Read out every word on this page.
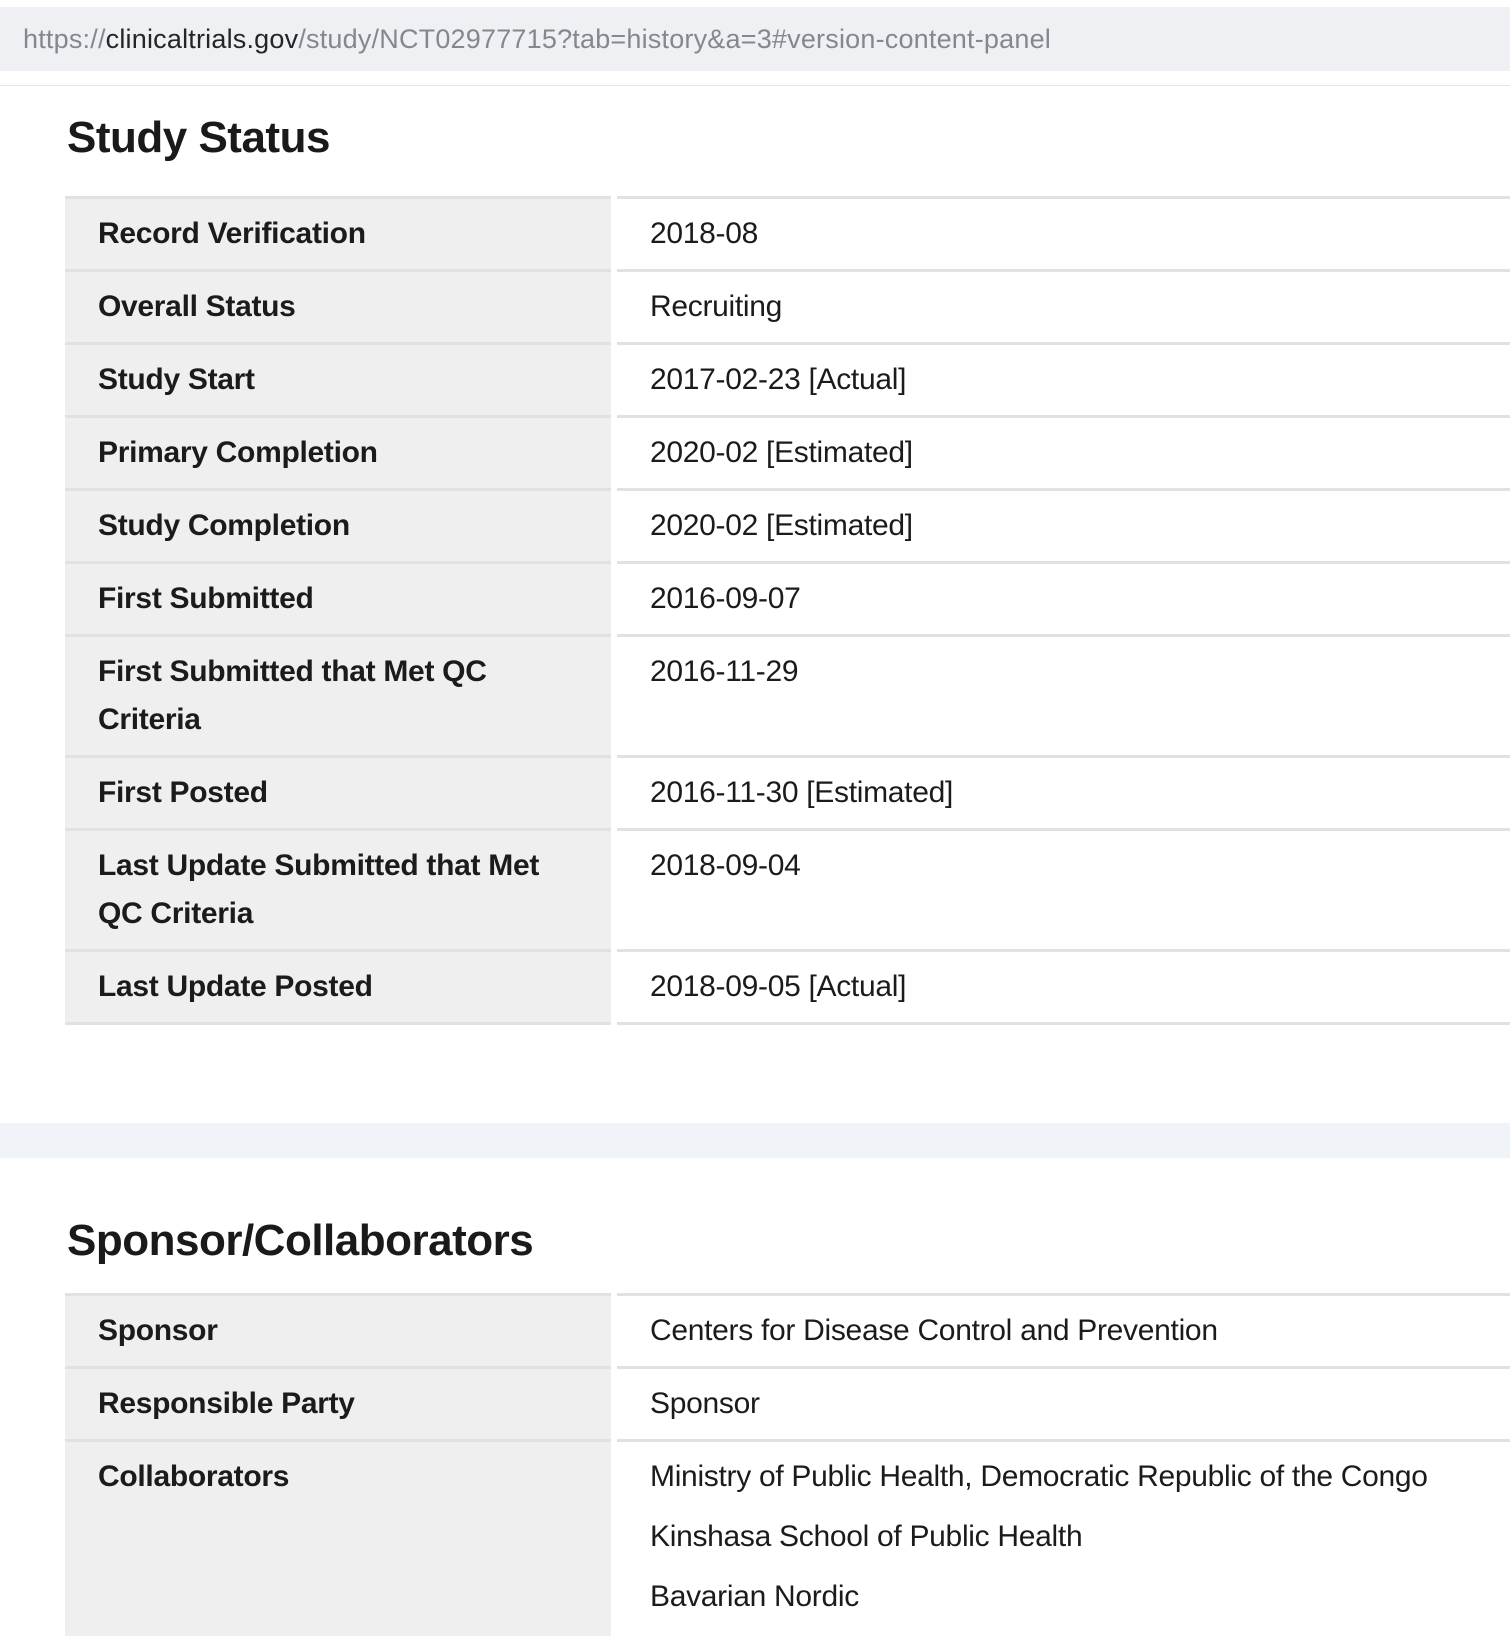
https://clinicaltrials.gov/study/NCT02977715?tab=history&a=3#version-content-panel
Study Status
Record Verification	2018-08
Overall Status	Recruiting
Study Start	2017-02-23 [Actual]
Primary Completion	2020-02 [Estimated]
Study Completion	2020-02 [Estimated]
First Submitted	2016-09-07
First Submitted that Met QC Criteria	2016-11-29
First Posted	2016-11-30 [Estimated]
Last Update Submitted that Met QC Criteria	2018-09-04
Last Update Posted	2018-09-05 [Actual]
Sponsor/Collaborators
Sponsor	Centers for Disease Control and Prevention
Responsible Party	Sponsor
Collaborators	Ministry of Public Health, Democratic Republic of the Congo
Kinshasa School of Public Health
Bavarian Nordic
